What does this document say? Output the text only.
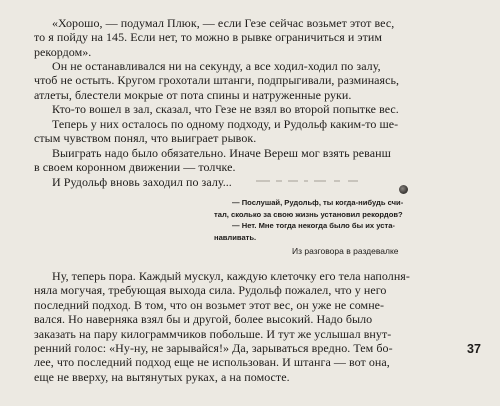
«Хорошо, — подумал Плюк, — если Гезе сейчас возьмет этот вес,
то я пойду на 145. Если нет, то можно в рывке ограничиться и этим
рекордом».

Он не останавливался ни на секунду, а все ходил-ходил по залу,
чтоб не остыть. Кругом грохотали штанги, подпрыгивали, разминаясь,
атлеты, блестели мокрые от пота спины и натруженные руки.

Кто-то вошел в зал, сказал, что Гезе не взял во второй попытке вес.

Теперь у них осталось по одному подходу, и Рудольф каким-то ше-
стым чувством понял, что выиграет рывок.

Выиграть надо было обязательно. Иначе Вереш мог взять реванш
в своем коронном движении — толчке.

И Рудольф вновь заходил по залу...

— Послушай, Рудольф, ты когда-нибудь счи-
тал, сколько за свою жизнь установил рекордов?
— Нет. Мне тогда некогда было бы их уста-
навливать.

Из разговора в раздевалке

Ну, теперь пора. Каждый мускул, каждую клеточку его тела наполня-
няла могучая, требующая выхода сила. Рудольф пожалел, что у него
последний подход. В том, что он возьмет этот вес, он уже не сомне-
вался. Но наверняка взял бы и другой, более высокий. Надо было
заказать на пару килограммчиков побольше. И тут же услышал внут-
ренний голос: «Ну-ну, не зарывайся!» Да, зарываться вредно. Тем бо-
лее, что последний подход еще не использован. И штанга — вот она,
еще не вверху, на вытянутых руках, а на помосте.

37
